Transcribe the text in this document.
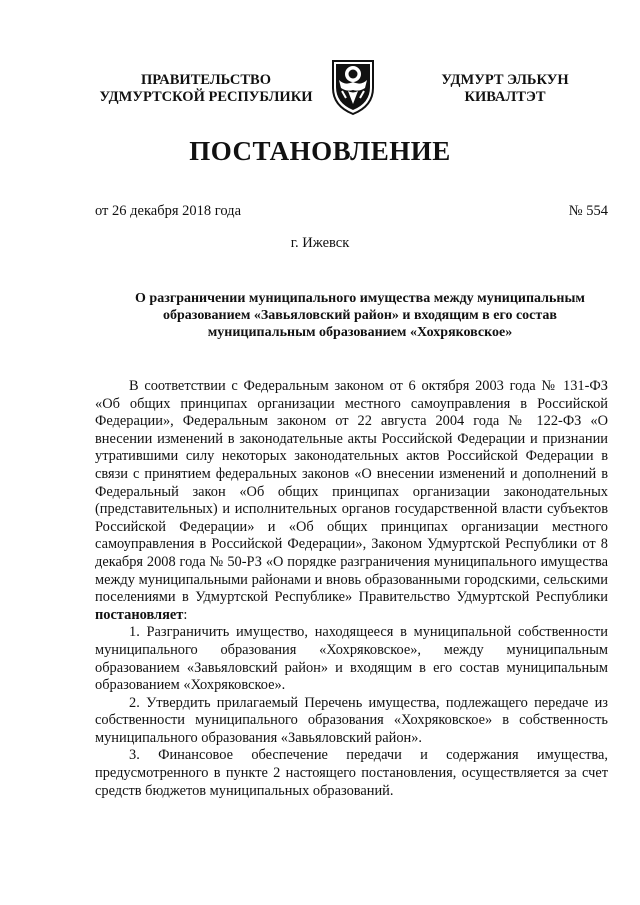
ПРАВИТЕЛЬСТВО
УДМУРТСКОЙ РЕСПУБЛИКИ
УДМУРТ ЭЛЬКУН
КИВАЛТЭТ
ПОСТАНОВЛЕНИЕ
от 26 декабря 2018 года	№ 554
г. Ижевск
О разграничении муниципального имущества между муниципальным
образованием «Завьяловский район» и входящим в его состав
муниципальным образованием «Хохряковское»

В соответствии с Федеральным законом от 6 октября 2003 года № 131-ФЗ «Об общих принципах организации местного самоуправления в Российской Федерации», Федеральным законом от 22 августа 2004 года № 122-ФЗ «О внесении изменений в законодательные акты Российской Федерации и признании утратившими силу некоторых законодательных актов Российской Федерации в связи с принятием федеральных законов «О внесении изменений и дополнений в Федеральный закон «Об общих принципах организации законодательных (представительных) и исполнительных органов государственной власти субъектов Российской Федерации» и «Об общих принципах организации местного самоуправления в Российской Федерации», Законом Удмуртской Республики от 8 декабря 2008 года № 50-РЗ «О порядке разграничения муниципального имущества между муниципальными районами и вновь образованными городскими, сельскими поселениями в Удмуртской Республике» Правительство Удмуртской Республики постановляет:

1. Разграничить имущество, находящееся в муниципальной собственности муниципального образования «Хохряковское», между муниципальным образованием «Завьяловский район» и входящим в его состав муниципальным образованием «Хохряковское».

2. Утвердить прилагаемый Перечень имущества, подлежащего передаче из собственности муниципального образования «Хохряковское» в собственность муниципального образования «Завьяловский район».

3. Финансовое обеспечение передачи и содержания имущества, предусмотренного в пункте 2 настоящего постановления, осуществляется за счет средств бюджетов муниципальных образований.
